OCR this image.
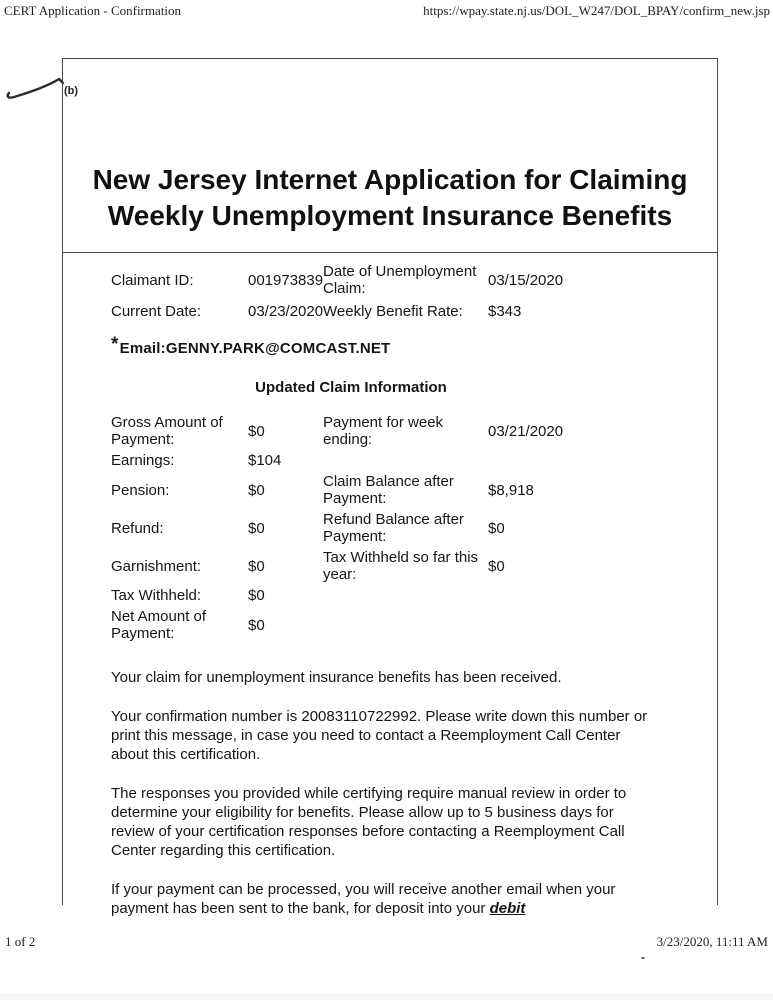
CERT Application - Confirmation	https://wpay.state.nj.us/DOL_W247/DOL_BPAY/confirm_new.jsp
(b)
New Jersey Internet Application for Claiming Weekly Unemployment Insurance Benefits
Claimant ID:	001973839	Date of Unemployment Claim:	03/15/2020
Current Date:	03/23/2020	Weekly Benefit Rate:	$343

*Email:GENNY.PARK@COMCAST.NET

Updated Claim Information
Gross Amount of Payment:	$0	Payment for week ending:	03/21/2020
Earnings:	$104		
Pension:	$0	Claim Balance after Payment:	$8,918
Refund:	$0	Refund Balance after Payment:	$0
Garnishment:	$0	Tax Withheld so far this year:	$0
Tax Withheld:	$0		
Net Amount of Payment:	$0		

Your claim for unemployment insurance benefits has been received.

Your confirmation number is 20083110722992. Please write down this number or print this message, in case you need to contact a Reemployment Call Center about this certification.

The responses you provided while certifying require manual review in order to determine your eligibility for benefits. Please allow up to 5 business days for review of your certification responses before contacting a Reemployment Call Center regarding this certification.

If your payment can be processed, you will receive another email when your payment has been sent to the bank, for deposit into your debit

1 of 2	3/23/2020, 11:11 AM
